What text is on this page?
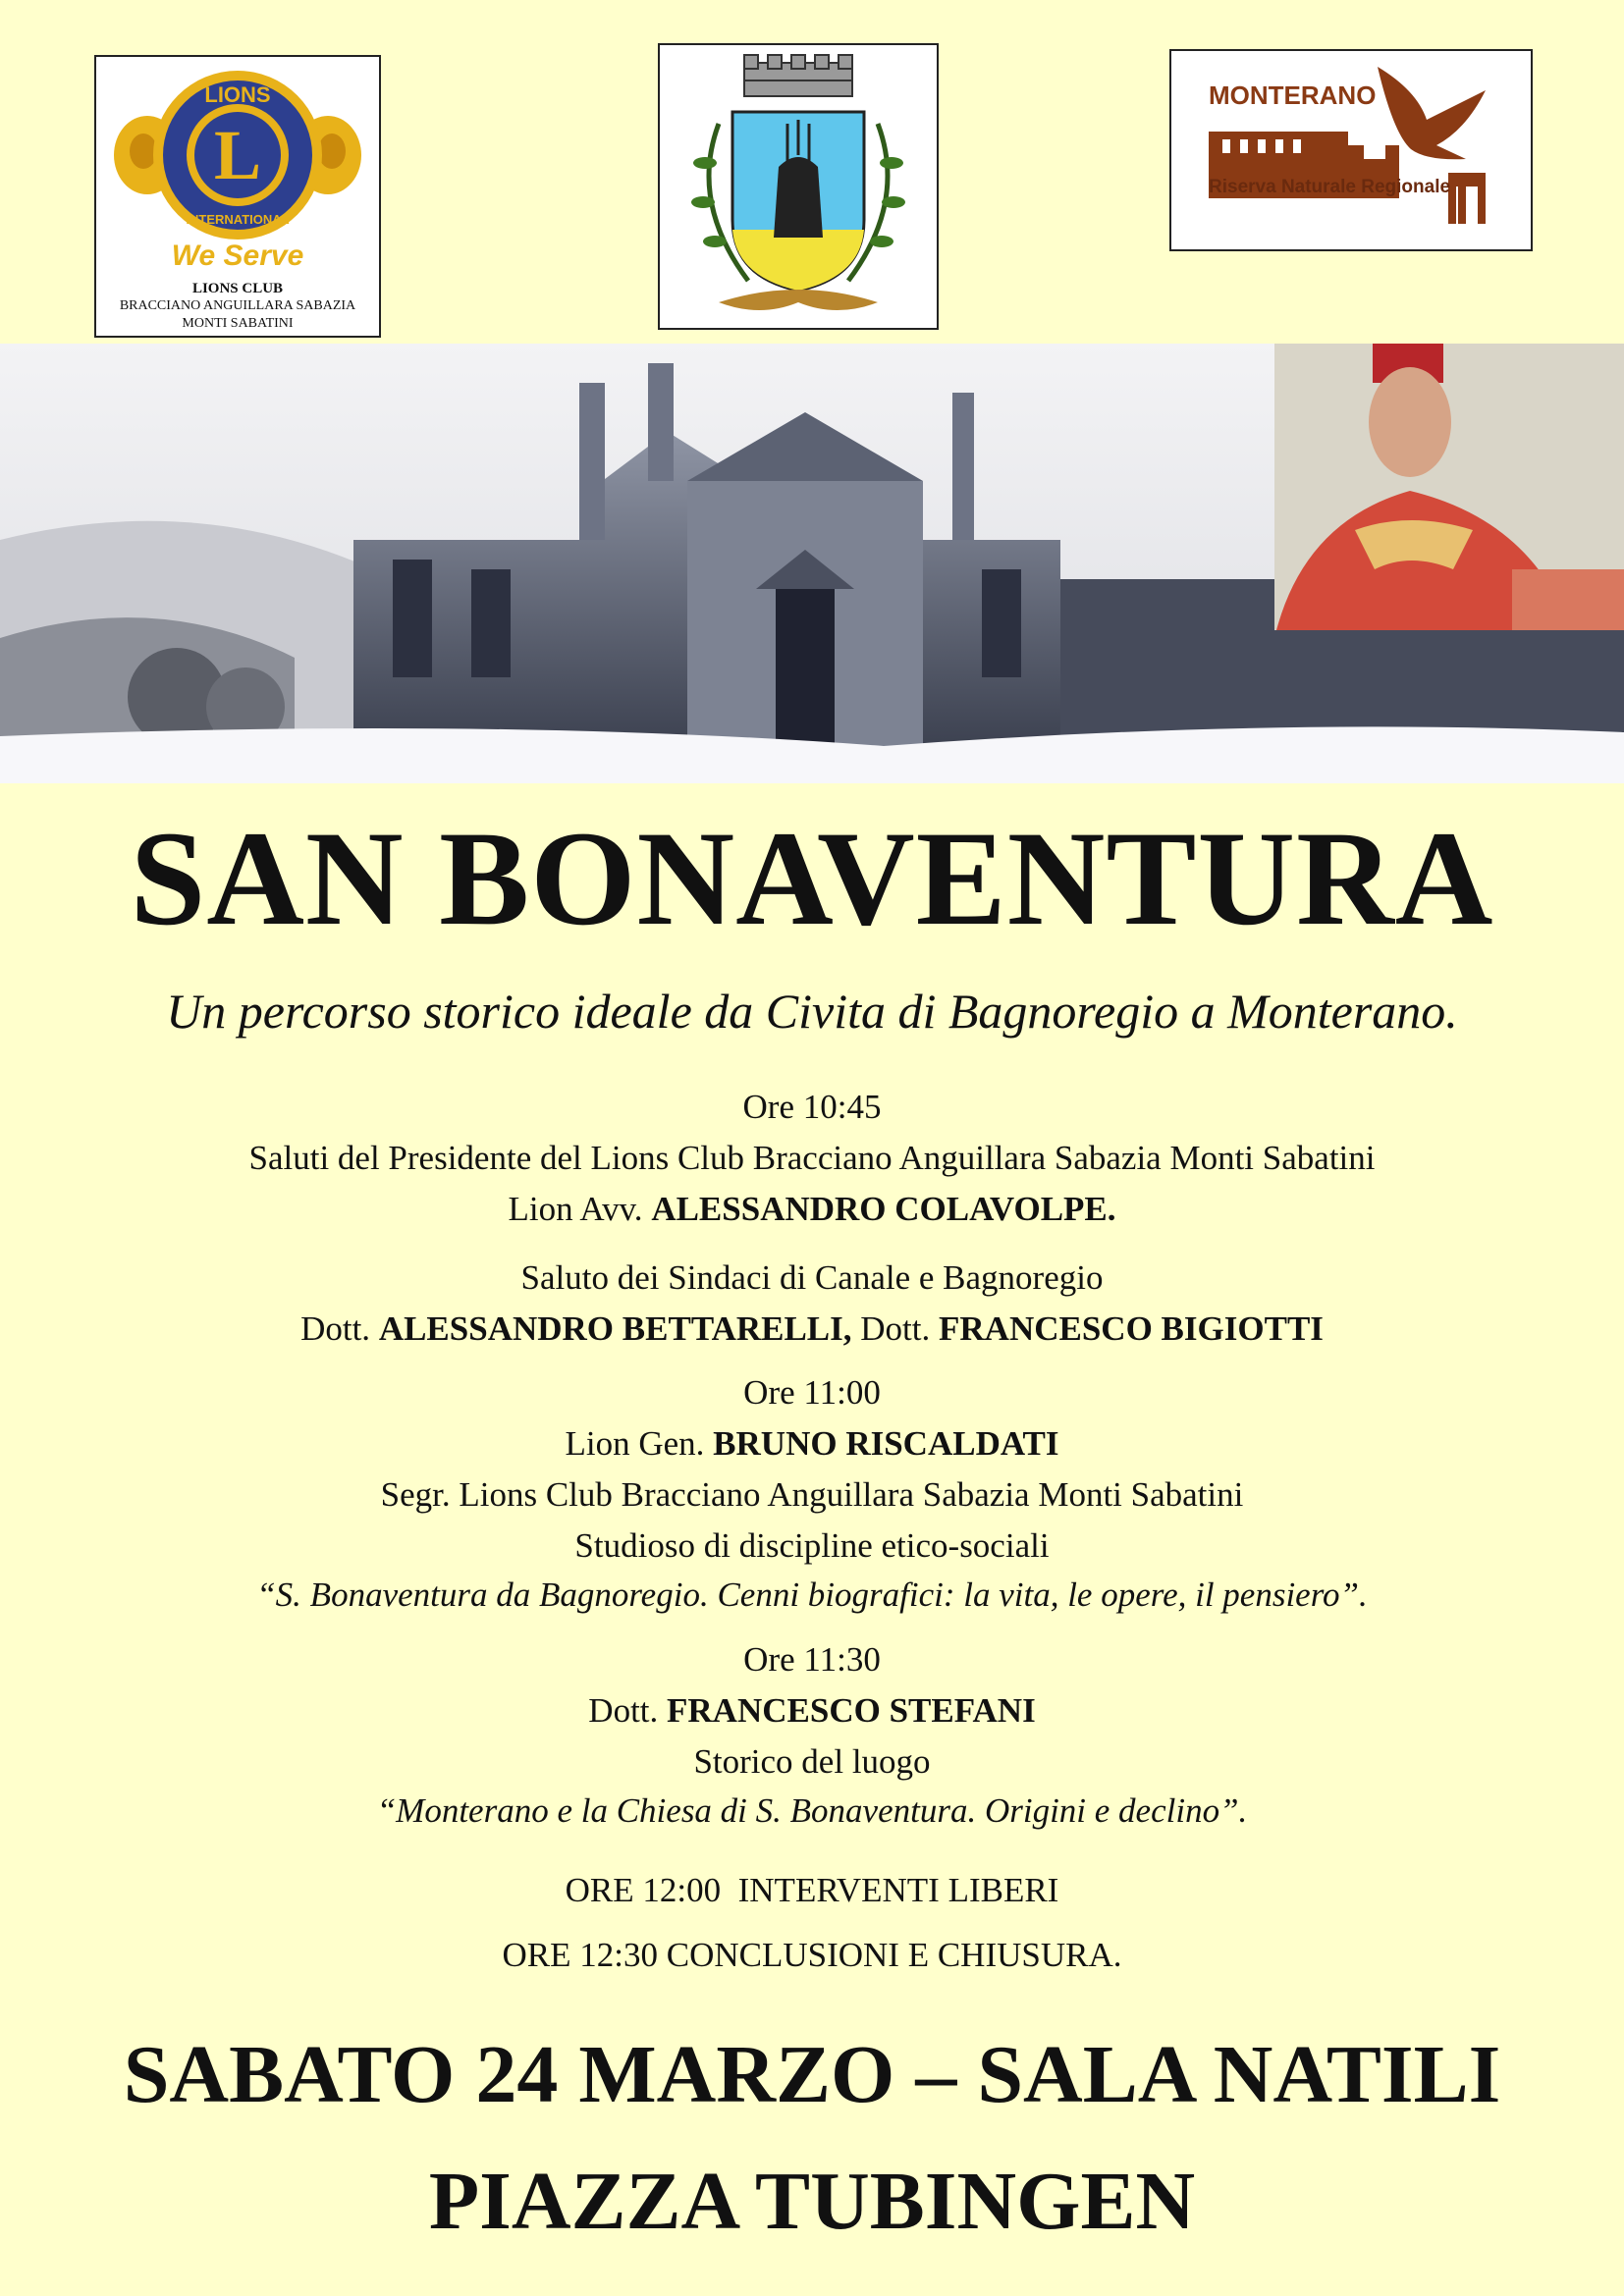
L
LIONS
INTERNATIONAL
We Serve
LIONS CLUB
BRACCIANO ANGUILLARA SABAZIA
MONTI SABATINI
MONTERANO
Riserva Naturale Regionale
SAN BONAVENTURA
Un percorso storico ideale da Civita di Bagnoregio a Monterano.
Ore 10:45
Saluti del Presidente del Lions Club Bracciano Anguillara Sabazia Monti Sabatini
Lion Avv. ALESSANDRO COLAVOLPE.
Saluto dei Sindaci di Canale e Bagnoregio
Dott. ALESSANDRO BETTARELLI, Dott. FRANCESCO BIGIOTTI
Ore 11:00
Lion Gen. BRUNO RISCALDATI
Segr. Lions Club Bracciano Anguillara Sabazia Monti Sabatini
Studioso di discipline etico-sociali
“S. Bonaventura da Bagnoregio. Cenni biografici: la vita, le opere, il pensiero”.
Ore 11:30
Dott. FRANCESCO STEFANI
Storico del luogo
“Monterano e la Chiesa di S. Bonaventura. Origini e declino”.
ORE 12:00  INTERVENTI LIBERI
ORE 12:30 CONCLUSIONI E CHIUSURA.
SABATO 24 MARZO – SALA NATILI
PIAZZA TUBINGEN
